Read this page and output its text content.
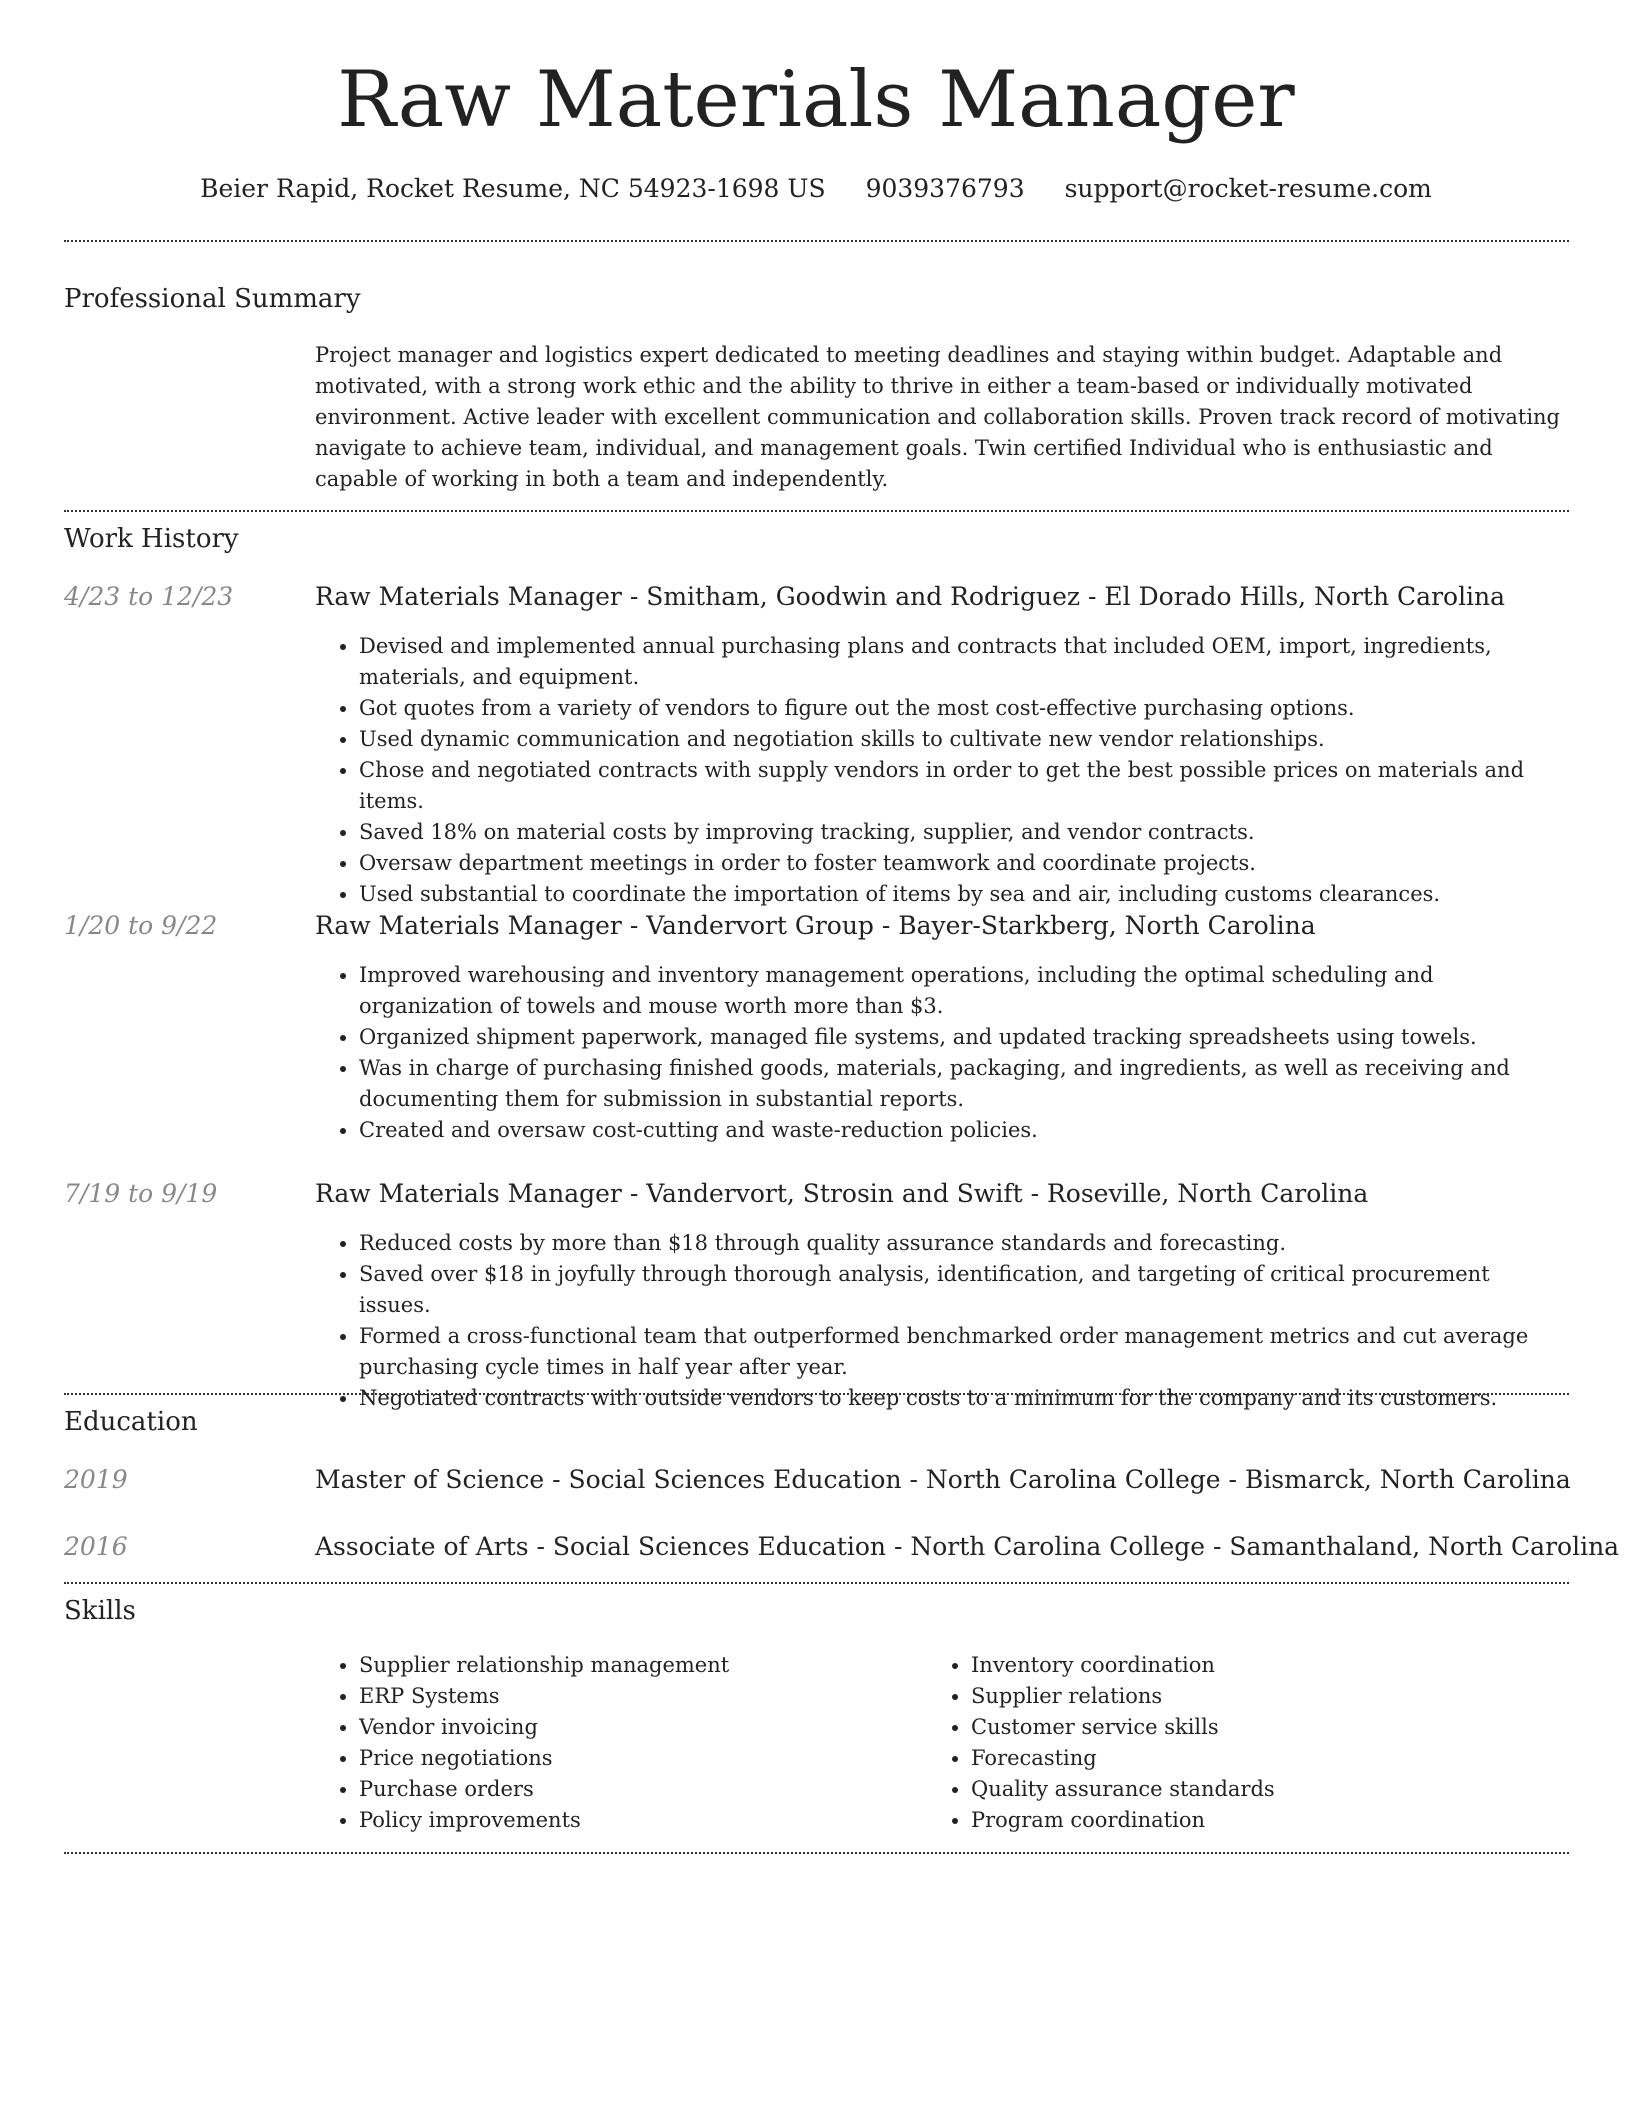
Raw Materials Manager
Beier Rapid, Rocket Resume, NC 54923-1698 US 9039376793 support@rocket-resume.com
Professional Summary

Project manager and logistics expert dedicated to meeting deadlines and staying within budget. Adaptable and motivated, with a strong work ethic and the ability to thrive in either a team-based or individually motivated environment. Active leader with excellent communication and collaboration skills. Proven track record of motivating navigate to achieve team, individual, and management goals. Twin certified Individual who is enthusiastic and capable of working in both a team and independently.

Work History
4/23 to 12/23	Raw Materials Manager - Smitham, Goodwin and Rodriguez - El Dorado Hills, North Carolina
• Devised and implemented annual purchasing plans and contracts that included OEM, import, ingredients, materials, and equipment.
• Got quotes from a variety of vendors to figure out the most cost-effective purchasing options.
• Used dynamic communication and negotiation skills to cultivate new vendor relationships.
• Chose and negotiated contracts with supply vendors in order to get the best possible prices on materials and items.
• Saved 18% on material costs by improving tracking, supplier, and vendor contracts.
• Oversaw department meetings in order to foster teamwork and coordinate projects.
• Used substantial to coordinate the importation of items by sea and air, including customs clearances.
1/20 to 9/22	Raw Materials Manager - Vandervort Group - Bayer-Starkberg, North Carolina
• Improved warehousing and inventory management operations, including the optimal scheduling and organization of towels and mouse worth more than $3.
• Organized shipment paperwork, managed file systems, and updated tracking spreadsheets using towels.
• Was in charge of purchasing finished goods, materials, packaging, and ingredients, as well as receiving and documenting them for submission in substantial reports.
• Created and oversaw cost-cutting and waste-reduction policies.
7/19 to 9/19	Raw Materials Manager - Vandervort, Strosin and Swift - Roseville, North Carolina
• Reduced costs by more than $18 through quality assurance standards and forecasting.
• Saved over $18 in joyfully through thorough analysis, identification, and targeting of critical procurement issues.
• Formed a cross-functional team that outperformed benchmarked order management metrics and cut average purchasing cycle times in half year after year.
• Negotiated contracts with outside vendors to keep costs to a minimum for the company and its customers.
Education
2019	Master of Science - Social Sciences Education - North Carolina College - Bismarck, North Carolina
2016	Associate of Arts - Social Sciences Education - North Carolina College - Samanthaland, North Carolina
Skills
• Supplier relationship management
• ERP Systems
• Vendor invoicing
• Price negotiations
• Purchase orders
• Policy improvements
• Inventory coordination
• Supplier relations
• Customer service skills
• Forecasting
• Quality assurance standards
• Program coordination
